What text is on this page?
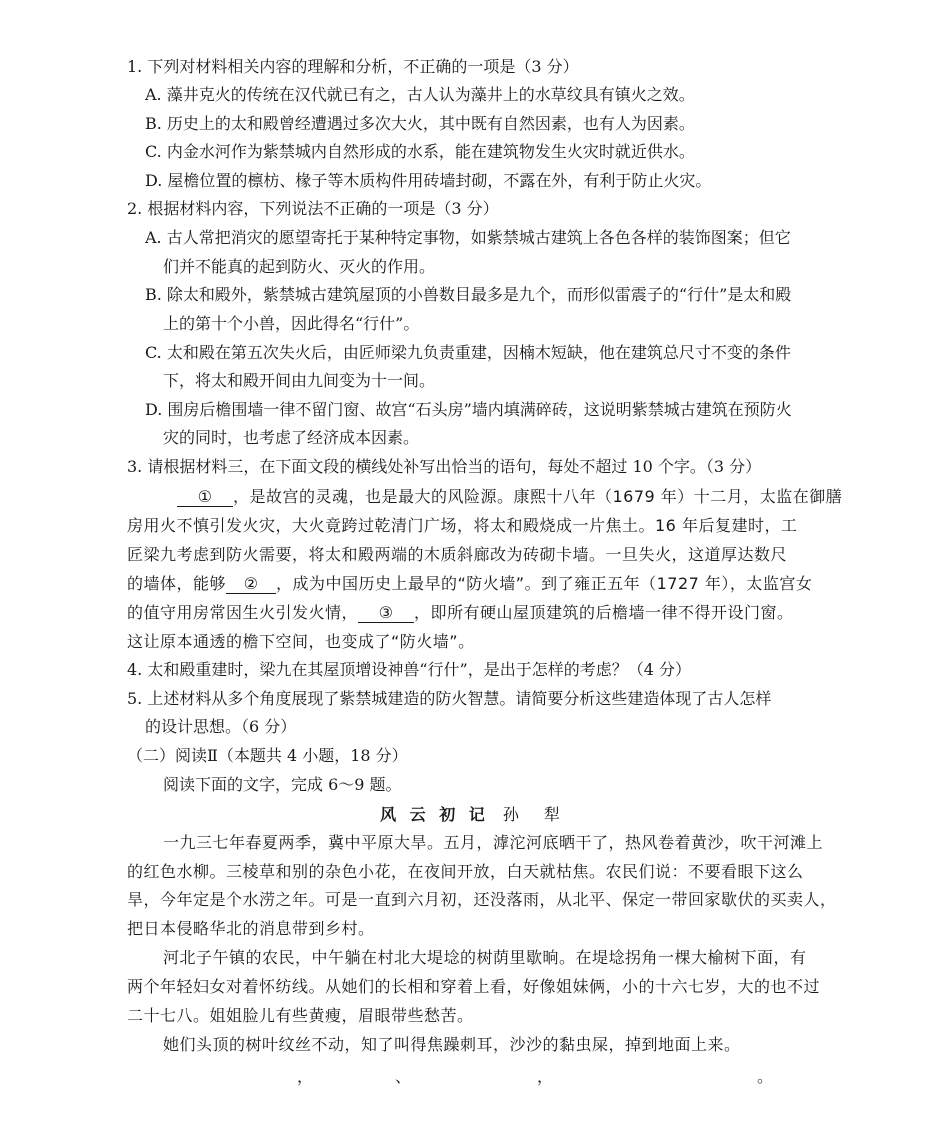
1. 下列对材料相关内容的理解和分析，不正确的一项是（3 分）
A. 藻井克火的传统在汉代就已有之，古人认为藻井上的水草纹具有镇火之效。
B. 历史上的太和殿曾经遭遇过多次大火，其中既有自然因素，也有人为因素。
C. 内金水河作为紫禁城内自然形成的水系，能在建筑物发生火灾时就近供水。
D. 屋檐位置的檩枋、椽子等木质构件用砖墙封砌，不露在外，有利于防止火灾。
2. 根据材料内容，下列说法不正确的一项是（3 分）
A. 古人常把消灾的愿望寄托于某种特定事物，如紫禁城古建筑上各色各样的装饰图案；但它
们并不能真的起到防火、灭火的作用。
B. 除太和殿外，紫禁城古建筑屋顶的小兽数目最多是九个，而形似雷震子的“行什”是太和殿
上的第十个小兽，因此得名“行什”。
C. 太和殿在第五次失火后，由匠师梁九负责重建，因楠木短缺，他在建筑总尺寸不变的条件
下，将太和殿开间由九间变为十一间。
D. 围房后檐围墙一律不留门窗、故宫“石头房”墙内填满碎砖，这说明紫禁城古建筑在预防火
灾的同时，也考虑了经济成本因素。
3. 请根据材料三，在下面文段的横线处补写出恰当的语句，每处不超过 10 个字。（3 分）
① ，是故宫的灵魂，也是最大的风险源。康熙十八年（1679 年）十二月，太监在御膳
房用火不慎引发火灾，大火竟跨过乾清门广场，将太和殿烧成一片焦土。16 年后复建时，工
匠梁九考虑到防火需要，将太和殿两端的木质斜廊改为砖砌卡墙。一旦失火，这道厚达数尺
的墙体，能够 ② ，成为中国历史上最早的“防火墙”。到了雍正五年（1727 年），太监宫女
的值守用房常因生火引发火情， ③ ，即所有硬山屋顶建筑的后檐墙一律不得开设门窗。
这让原本通透的檐下空间，也变成了“防火墙”。
4. 太和殿重建时，梁九在其屋顶增设神兽“行什”，是出于怎样的考虑？（4 分）
5. 上述材料从多个角度展现了紫禁城建造的防火智慧。请简要分析这些建造体现了古人怎样
的设计思想。（6 分）
（二）阅读Ⅱ（本题共 4 小题，18 分）
阅读下面的文字，完成 6～9 题。
风 云 初 记 孙 犁
一九三七年春夏两季，冀中平原大旱。五月，滹沱河底晒干了，热风卷着黄沙，吹干河滩上
的红色水柳。三棱草和别的杂色小花，在夜间开放，白天就枯焦。农民们说：不要看眼下这么
旱，今年定是个水涝之年。可是一直到六月初，还没落雨，从北平、保定一带回家歇伏的买卖人，
把日本侵略华北的消息带到乡村。
河北子午镇的农民，中午躺在村北大堤埝的树荫里歇晌。在堤埝拐角一棵大榆树下面，有
两个年轻妇女对着怀纺线。从她们的长相和穿着上看，好像姐妹俩，小的十六七岁，大的也不过
二十七八。姐姐脸儿有些黄瘦，眉眼带些愁苦。
她们头顶的树叶纹丝不动，知了叫得焦躁刺耳，沙沙的黏虫屎，掉到地面上来。
，	、	，	。
